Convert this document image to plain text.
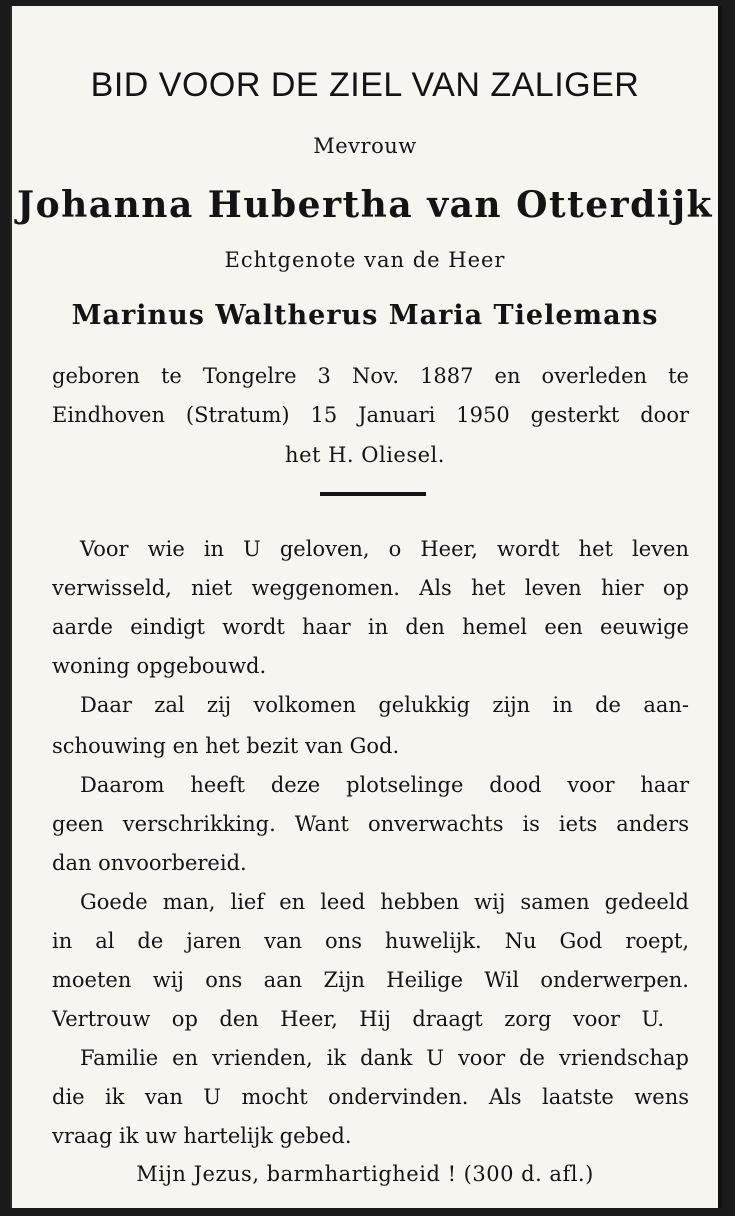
BID VOOR DE ZIEL VAN ZALIGER
Mevrouw
Johanna Hubertha van Otterdijk
Echtgenote van de Heer
Marinus Waltherus Maria Tielemans
geboren te Tongelre 3 Nov. 1887 en overleden te
Eindhoven (Stratum) 15 Januari 1950 gesterkt door
het H. Oliesel.
Voor wie in U geloven, o Heer, wordt het leven
verwisseld, niet weggenomen. Als het leven hier op
aarde eindigt wordt haar in den hemel een eeuwige
woning opgebouwd.
Daar zal zij volkomen gelukkig zijn in de aan-
schouwing en het bezit van God.
Daarom heeft deze plotselinge dood voor haar
geen verschrikking. Want onverwachts is iets anders
dan onvoorbereid.
Goede man, lief en leed hebben wij samen gedeeld
in al de jaren van ons huwelijk. Nu God roept,
moeten wij ons aan Zijn Heilige Wil onderwerpen.
Vertrouw op den Heer, Hij draagt zorg voor U.
Familie en vrienden, ik dank U voor de vriendschap
die ik van U mocht ondervinden. Als laatste wens
vraag ik uw hartelijk gebed.
Mijn Jezus, barmhartigheid ! (300 d. afl.)
